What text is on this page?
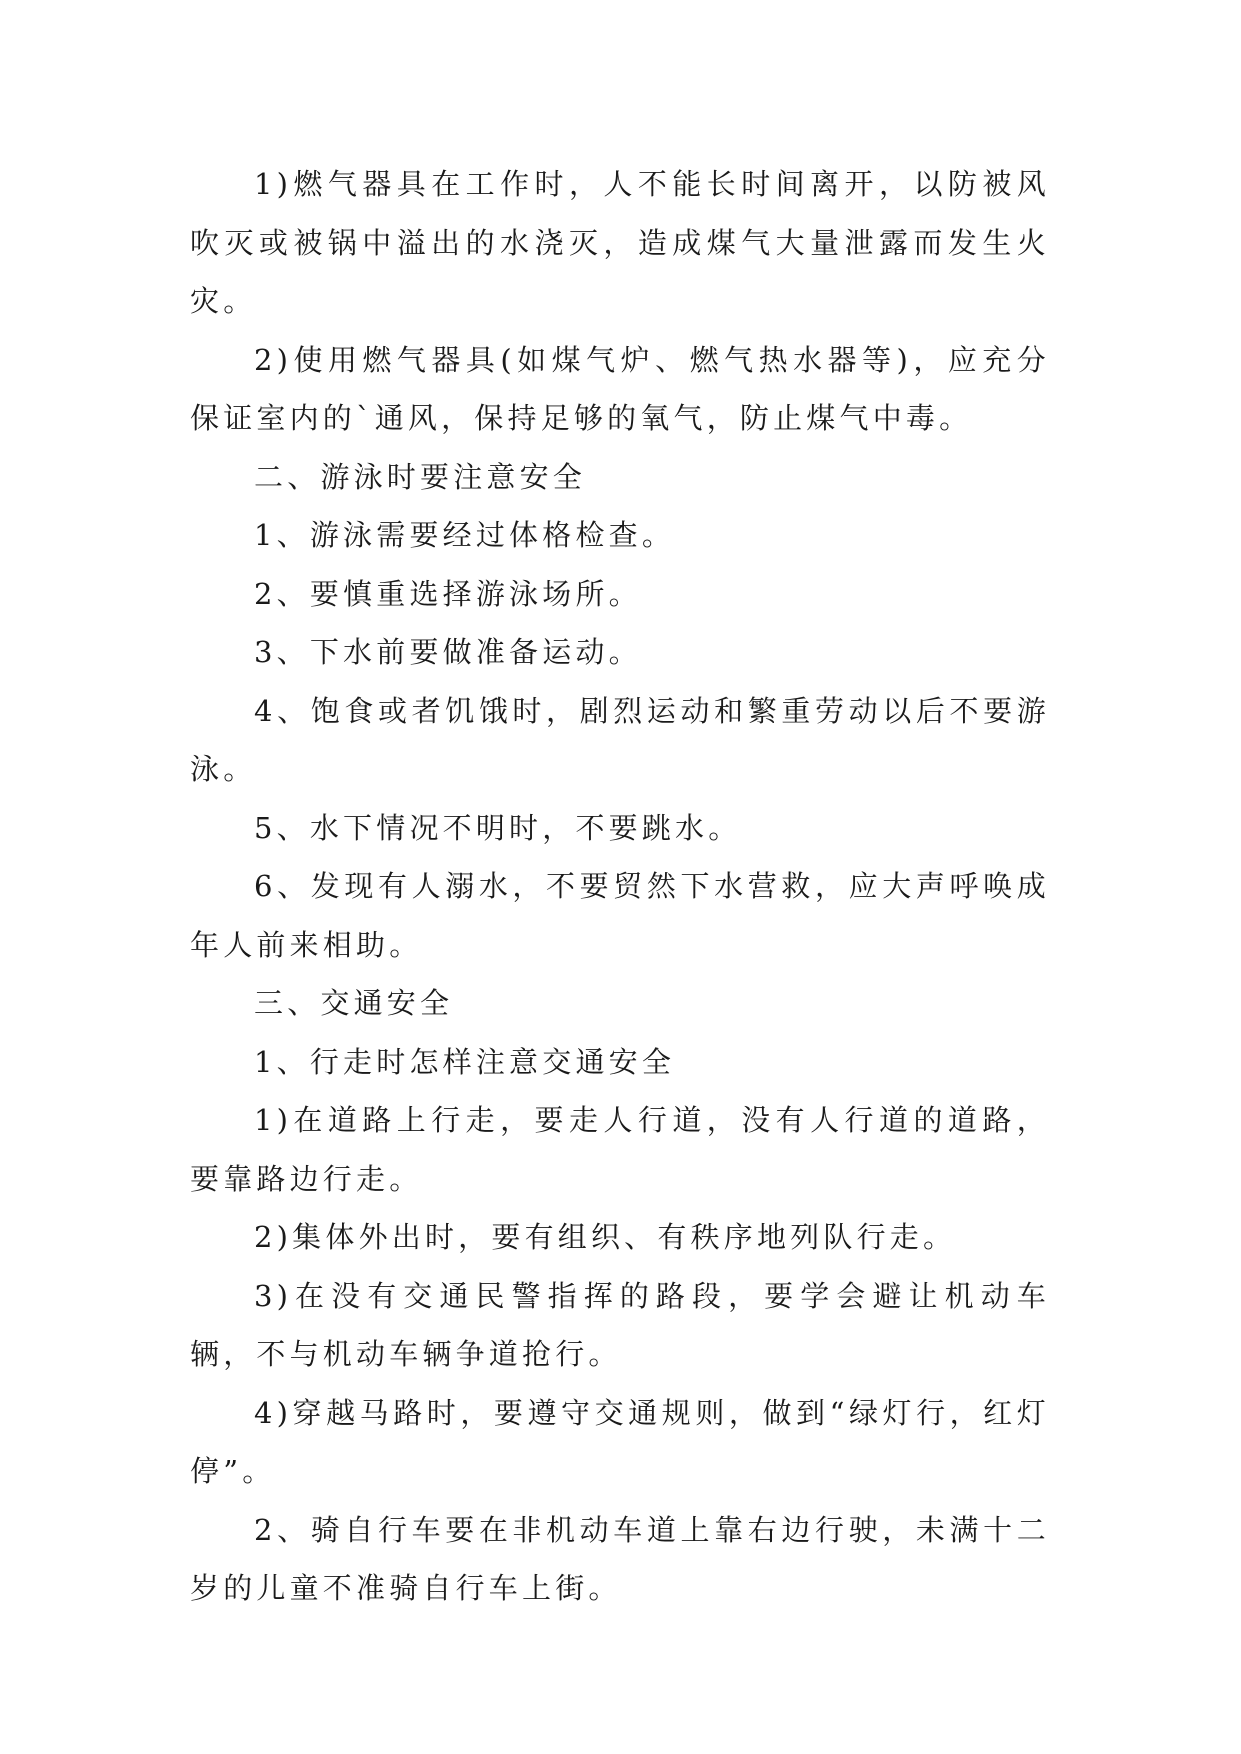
1)燃气器具在工作时，人不能长时间离开，以防被风吹灭或被锅中溢出的水浇灭，造成煤气大量泄露而发生火灾。

2)使用燃气器具(如煤气炉、燃气热水器等)，应充分保证室内的`通风，保持足够的氧气，防止煤气中毒。

二、游泳时要注意安全

1、游泳需要经过体格检查。

2、要慎重选择游泳场所。

3、下水前要做准备运动。

4、饱食或者饥饿时，剧烈运动和繁重劳动以后不要游泳。

5、水下情况不明时，不要跳水。

6、发现有人溺水，不要贸然下水营救，应大声呼唤成年人前来相助。

三、交通安全

1、行走时怎样注意交通安全

1)在道路上行走，要走人行道，没有人行道的道路，要靠路边行走。

2)集体外出时，要有组织、有秩序地列队行走。

3)在没有交通民警指挥的路段，要学会避让机动车辆，不与机动车辆争道抢行。

4)穿越马路时，要遵守交通规则，做到“绿灯行，红灯停”。

2、骑自行车要在非机动车道上靠右边行驶，未满十二岁的儿童不准骑自行车上街。
